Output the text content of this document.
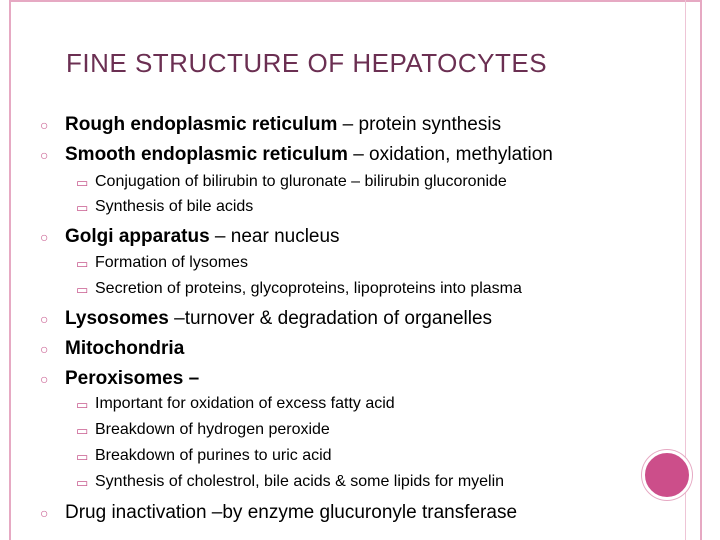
FINE STRUCTURE OF HEPATOCYTES
○ Rough endoplasmic reticulum – protein synthesis
○ Smooth endoplasmic reticulum – oxidation, methylation
▭ Conjugation of bilirubin to gluronate – bilirubin glucoronide
▭ Synthesis of bile acids
○ Golgi apparatus – near nucleus
▭ Formation of lysomes
▭ Secretion of proteins, glycoproteins, lipoproteins into plasma
○ Lysosomes –turnover & degradation of organelles
○ Mitochondria
○ Peroxisomes –
▭ Important for oxidation of excess fatty acid
▭ Breakdown of hydrogen peroxide
▭ Breakdown of purines to uric acid
▭ Synthesis of cholestrol, bile acids & some lipids for myelin
○ Drug inactivation –by enzyme glucuronyle transferase
